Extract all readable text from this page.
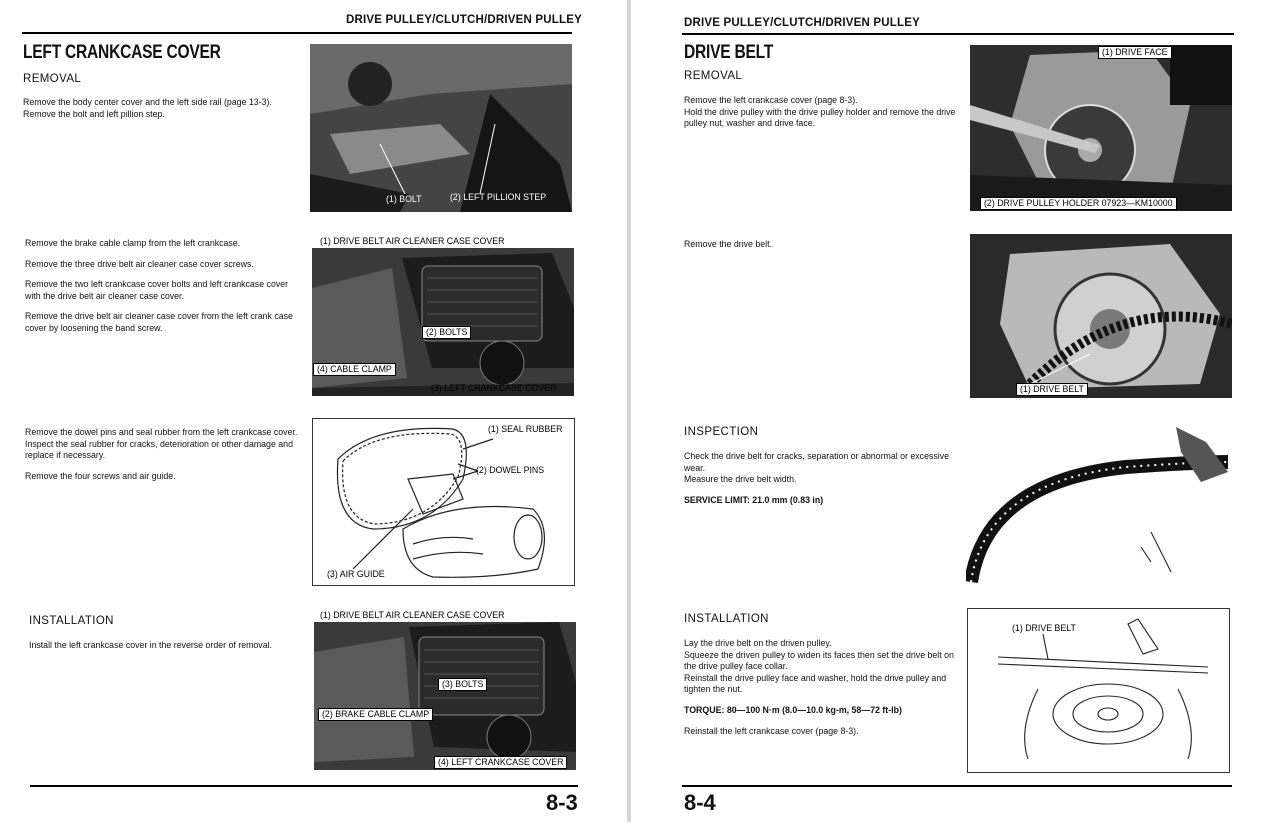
DRIVE PULLEY/CLUTCH/DRIVEN PULLEY
LEFT CRANKCASE COVER
REMOVAL

Remove the body center cover and the left side rail (page 13-3).

Remove the bolt and left pillion step.

(1) BOLT	(2) LEFT PILLION STEP

Remove the brake cable clamp from the left crankcase.

Remove the three drive belt air cleaner case cover screws.

Remove the two left crankcase cover bolts and left crankcase cover with the drive belt air cleaner case cover.

Remove the drive belt air cleaner case cover from the left crank case cover by loosening the band screw.

(1) DRIVE BELT AIR CLEANER CASE COVER
(2) BOLTS
(4) CABLE CLAMP
(3) LEFT CRANKCASE COVER

Remove the dowel pins and seal rubber from the left crankcase cover.

Inspect the seal rubber for cracks, deterioration or other damage and replace if necessary.

Remove the four screws and air guide.

(1) SEAL RUBBER
(2) DOWEL PINS
(3) AIR GUIDE
INSTALLATION

Install the left crankcase cover in the reverse order of removal.

(1) DRIVE BELT AIR CLEANER CASE COVER
(3) BOLTS
(2) BRAKE CABLE CLAMP
(4) LEFT CRANKCASE COVER
8-3
DRIVE PULLEY/CLUTCH/DRIVEN PULLEY
DRIVE BELT
REMOVAL

Remove the left crankcase cover (page 8-3).

Hold the drive pulley with the drive pulley holder and remove the drive pulley nut, washer and drive face.

(1) DRIVE FACE
(2) DRIVE PULLEY HOLDER 07923—KM10000

Remove the drive belt.

(1) DRIVE BELT
INSPECTION

Check the drive belt for cracks, separation or abnormal or excessive wear.

Measure the drive belt width.

SERVICE LIMIT: 21.0 mm (0.83 in)

INSTALLATION

Lay the drive belt on the driven pulley.

Squeeze the driven pulley to widen its faces then set the drive belt on the drive pulley face collar.

Reinstall the drive pulley face and washer, hold the drive pulley and tighten the nut.

TORQUE: 80—100 N·m (8.0—10.0 kg-m, 58—72 ft-lb)

Reinstall the left crankcase cover (page 8-3).

(1) DRIVE BELT
8-4
